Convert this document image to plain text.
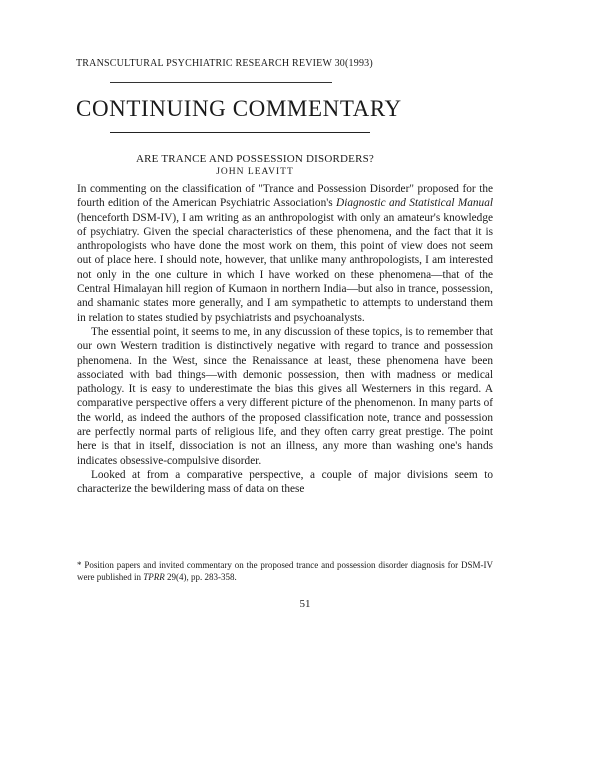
TRANSCULTURAL PSYCHIATRIC RESEARCH REVIEW 30(1993)
CONTINUING COMMENTARY
ARE TRANCE AND POSSESSION DISORDERS?
JOHN LEAVITT

In commenting on the classification of "Trance and Possession Disorder" proposed for the fourth edition of the American Psychiatric Association's Diagnostic and Statistical Manual (henceforth DSM-IV), I am writing as an anthropologist with only an amateur's knowledge of psychiatry. Given the special characteristics of these phenomena, and the fact that it is anthropologists who have done the most work on them, this point of view does not seem out of place here. I should note, however, that unlike many anthropologists, I am interested not only in the one culture in which I have worked on these phenomena—that of the Central Himalayan hill region of Kumaon in northern India—but also in trance, possession, and shamanic states more generally, and I am sympathetic to attempts to understand them in relation to states studied by psychiatrists and psychoanalysts.

The essential point, it seems to me, in any discussion of these topics, is to remember that our own Western tradition is distinctively negative with regard to trance and possession phenomena. In the West, since the Renaissance at least, these phenomena have been associated with bad things—with demonic possession, then with madness or medical pathology. It is easy to underestimate the bias this gives all Westerners in this regard. A comparative perspective offers a very different picture of the phenomenon. In many parts of the world, as indeed the authors of the proposed classification note, trance and possession are perfectly normal parts of religious life, and they often carry great prestige. The point here is that in itself, dissociation is not an illness, any more than washing one's hands indicates obsessive-compulsive disorder.

Looked at from a comparative perspective, a couple of major divisions seem to characterize the bewildering mass of data on these

* Position papers and invited commentary on the proposed trance and possession disorder diagnosis for DSM-IV were published in TPRR 29(4), pp. 283-358.
51
